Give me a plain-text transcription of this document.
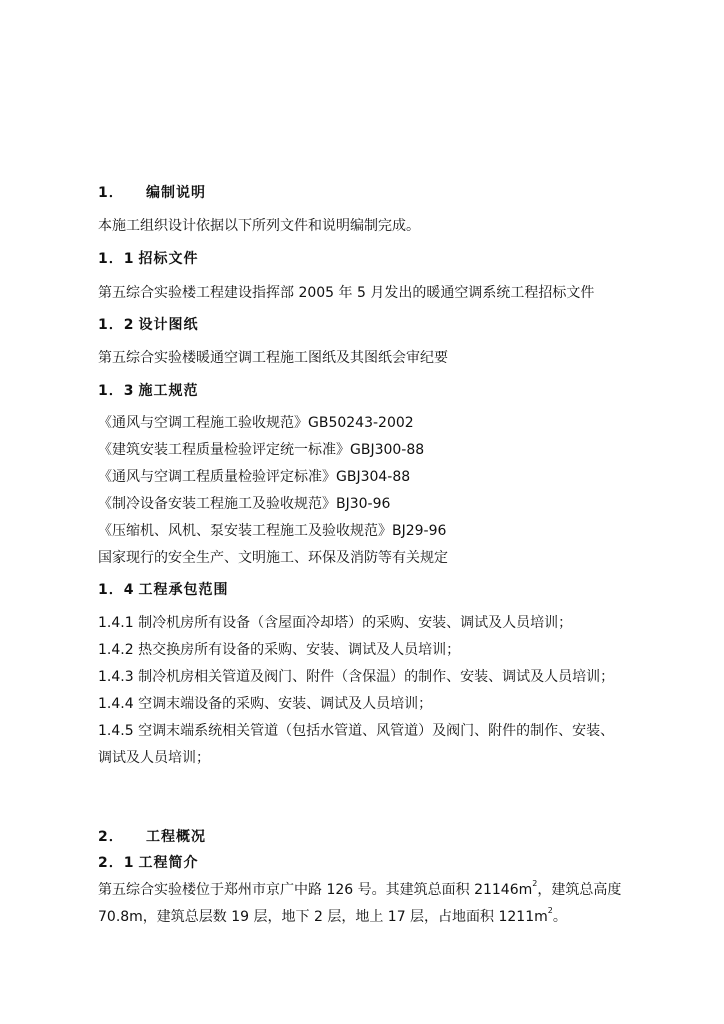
1． 编制说明
本施工组织设计依据以下所列文件和说明编制完成。
1．1 招标文件
第五综合实验楼工程建设指挥部 2005 年 5 月发出的暖通空调系统工程招标文件
1．2 设计图纸
第五综合实验楼暖通空调工程施工图纸及其图纸会审纪要
1．3 施工规范
《通风与空调工程施工验收规范》GB50243-2002
《建筑安装工程质量检验评定统一标准》GBJ300-88
《通风与空调工程质量检验评定标准》GBJ304-88
《制冷设备安装工程施工及验收规范》BJ30-96
《压缩机、风机、泵安装工程施工及验收规范》BJ29-96
国家现行的安全生产、文明施工、环保及消防等有关规定
1．4 工程承包范围
1.4.1 制冷机房所有设备（含屋面冷却塔）的采购、安装、调试及人员培训；
1.4.2 热交换房所有设备的采购、安装、调试及人员培训；
1.4.3 制冷机房相关管道及阀门、附件（含保温）的制作、安装、调试及人员培训；
1.4.4 空调末端设备的采购、安装、调试及人员培训；
1.4.5 空调末端系统相关管道（包括水管道、风管道）及阀门、附件的制作、安装、
调试及人员培训；
2． 工程概况
2．1 工程简介
第五综合实验楼位于郑州市京广中路 126 号。其建筑总面积 $21146m^2$，建筑总高度
70.8m，建筑总层数 19 层，地下 2 层，地上 17 层，占地面积 $1211m^2$。
